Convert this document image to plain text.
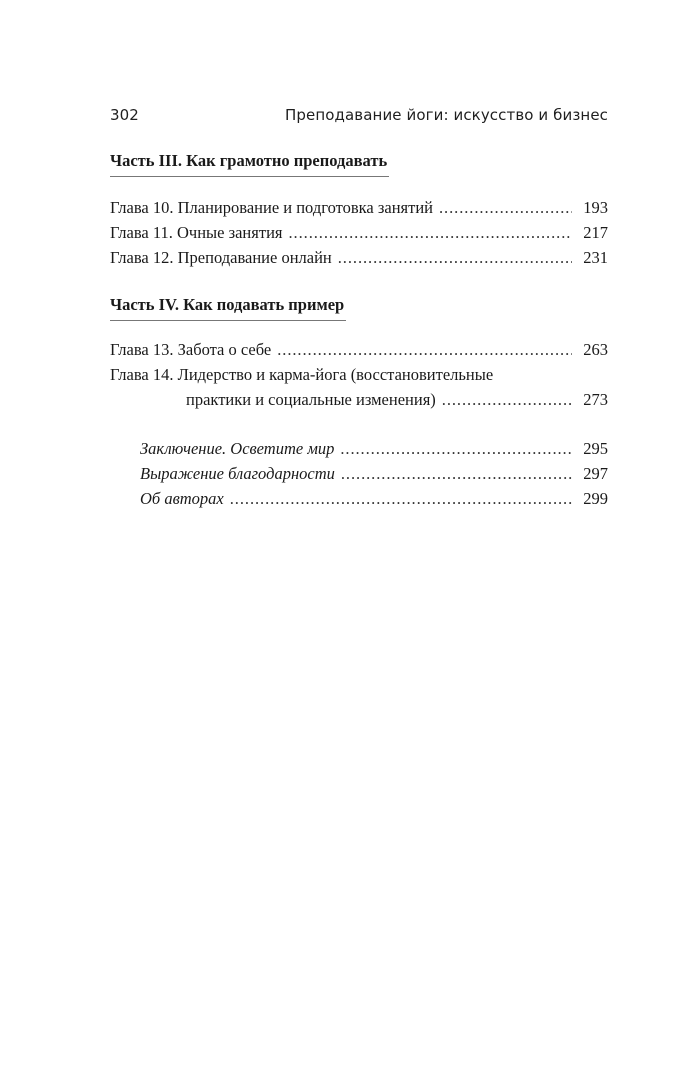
302	Преподавание йоги: искусство и бизнес
Часть III. Как грамотно преподавать
Глава 10. Планирование и подготовка занятий . . .	193
Глава 11. Очные занятия . . .	217
Глава 12. Преподавание онлайн . . .	231
Часть IV. Как подавать пример
Глава 13. Забота о себе . . .	263
Глава 14. Лидерство и карма-йога (восстановительные
практики и социальные изменения) . . .	273
Заключение. Осветите мир . . .	295
Выражение благодарности . . .	297
Об авторах . . .	299
